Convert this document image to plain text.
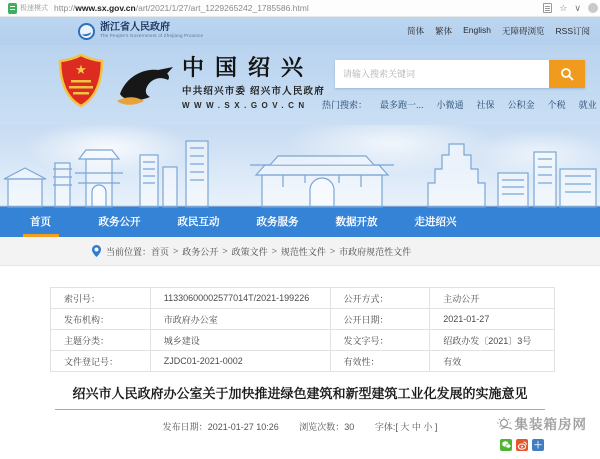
极速模式 http://www.sx.gov.cn/art/2021/1/27/art_1229265242_1785586.html	☆ ∨
浙江省人民政府
The People's Government of Zhejiang Province	简体 繁体 English 无障碍浏览 RSS订阅
★	中国绍兴
中共绍兴市委 绍兴市人民政府
WWW.SX.GOV.CN
请输入搜索关键词	热门搜索： 最多跑一... 小微通 社保 公积金 个税 就业
首页	政务公开	政民互动	政务服务	数据开放	走进绍兴
当前位置： 首页 > 政务公开 > 政策文件 > 规范性文件 > 市政府规范性文件
索引号：	11330600002577014T/2021-199226	公开方式：	主动公开
发布机构：	市政府办公室	公开日期：	2021-01-27
主题分类：	城乡建设	发文字号：	绍政办发〔2021〕3号
文件登记号：	ZJDC01-2021-0002	有效性：	有效
绍兴市人民政府办公室关于加快推进绿色建筑和新型建筑工业化发展的实施意见
发布日期：2021-01-27 10:26 浏览次数：30 字体:[ 大 中 小 ]	集装箱房网
＋
